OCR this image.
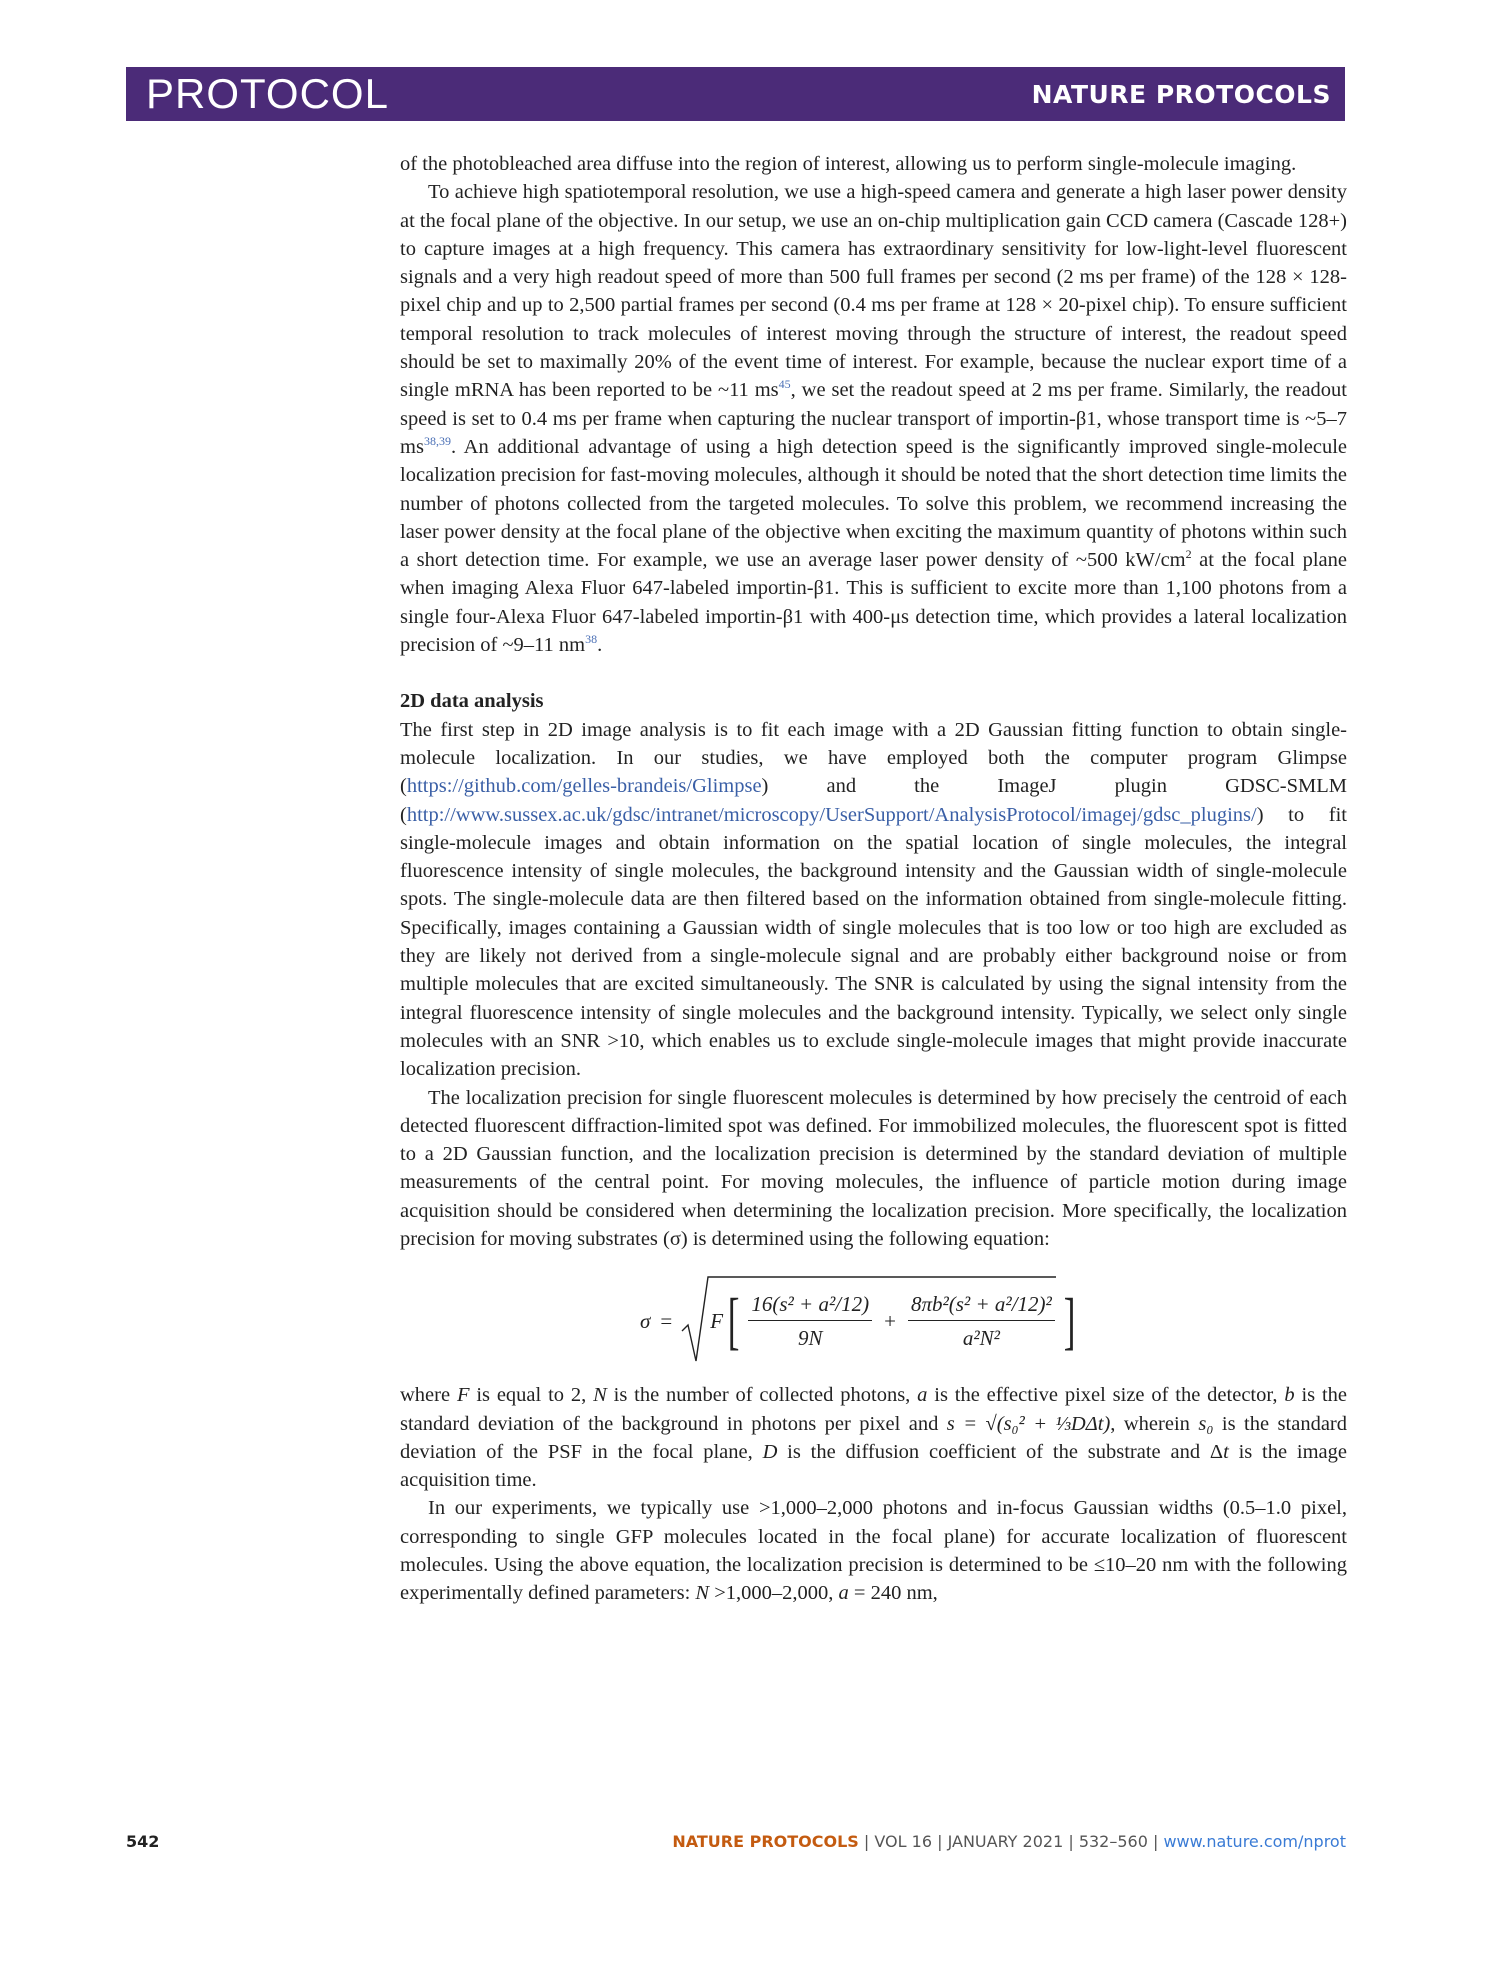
PROTOCOL	NATURE PROTOCOLS

of the photobleached area diffuse into the region of interest, allowing us to perform single-molecule imaging.

To achieve high spatiotemporal resolution, we use a high-speed camera and generate a high laser power density at the focal plane of the objective. In our setup, we use an on-chip multiplication gain CCD camera (Cascade 128+) to capture images at a high frequency. This camera has extraordinary sensitivity for low-light-level fluorescent signals and a very high readout speed of more than 500 full frames per second (2 ms per frame) of the 128 × 128-pixel chip and up to 2,500 partial frames per second (0.4 ms per frame at 128 × 20-pixel chip). To ensure sufficient temporal resolution to track molecules of interest moving through the structure of interest, the readout speed should be set to maximally 20% of the event time of interest. For example, because the nuclear export time of a single mRNA has been reported to be ~11 ms$^{45}$, we set the readout speed at 2 ms per frame. Similarly, the readout speed is set to 0.4 ms per frame when capturing the nuclear transport of importin-β1, whose transport time is ~5–7 ms$^{38,39}$. An additional advantage of using a high detection speed is the significantly improved single-molecule localization precision for fast-moving molecules, although it should be noted that the short detection time limits the number of photons collected from the targeted molecules. To solve this problem, we recommend increasing the laser power density at the focal plane of the objective when exciting the maximum quantity of photons within such a short detection time. For example, we use an average laser power density of ~500 $kW/cm^2$ at the focal plane when imaging Alexa Fluor 647-labeled importin-β1. This is sufficient to excite more than 1,100 photons from a single four-Alexa Fluor 647-labeled importin-β1 with 400-μs detection time, which provides a lateral localization precision of ~9–11 nm$^{38}$.

2D data analysis

The first step in 2D image analysis is to fit each image with a 2D Gaussian fitting function to obtain single-molecule localization. In our studies, we have employed both the computer program Glimpse (https://github.com/gelles-brandeis/Glimpse) and the ImageJ plugin GDSC-SMLM (http://www.sussex.ac.uk/gdsc/intranet/microscopy/UserSupport/AnalysisProtocol/imagej/gdsc_plugins/) to fit single-molecule images and obtain information on the spatial location of single molecules, the integral fluorescence intensity of single molecules, the background intensity and the Gaussian width of single-molecule spots. The single-molecule data are then filtered based on the information obtained from single-molecule fitting. Specifically, images containing a Gaussian width of single molecules that is too low or too high are excluded as they are likely not derived from a single-molecule signal and are probably either background noise or from multiple molecules that are excited simultaneously. The SNR is calculated by using the signal intensity from the integral fluorescence intensity of single molecules and the background intensity. Typically, we select only single molecules with an SNR >10, which enables us to exclude single-molecule images that might provide inaccurate localization precision.

The localization precision for single fluorescent molecules is determined by how precisely the centroid of each detected fluorescent diffraction-limited spot was defined. For immobilized molecules, the fluorescent spot is fitted to a 2D Gaussian function, and the localization precision is determined by the standard deviation of multiple measurements of the central point. For moving molecules, the influence of particle motion during image acquisition should be considered when determining the localization precision. More specifically, the localization precision for moving substrates (σ) is determined using the following equation:

σ = F [ $\frac{\text{16(s² + a²/12)}}{9N} + \frac{\text{8πb²(s² + a²/12)²}}{\text{a²N²}}$ ]

where F is equal to 2, N is the number of collected photons, a is the effective pixel size of the detector, b is the standard deviation of the background in photons per pixel and s = √(s₀² + ⅓DΔt), wherein s₀ is the standard deviation of the PSF in the focal plane, D is the diffusion coefficient of the substrate and Δt is the image acquisition time.

In our experiments, we typically use >1,000–2,000 photons and in-focus Gaussian widths (0.5–1.0 pixel, corresponding to single GFP molecules located in the focal plane) for accurate localization of fluorescent molecules. Using the above equation, the localization precision is determined to be ≤10–20 nm with the following experimentally defined parameters: N >1,000–2,000, a = 240 nm,

542	NATURE PROTOCOLS | VOL 16 | JANUARY 2021 | 532–560 | www.nature.com/nprot
